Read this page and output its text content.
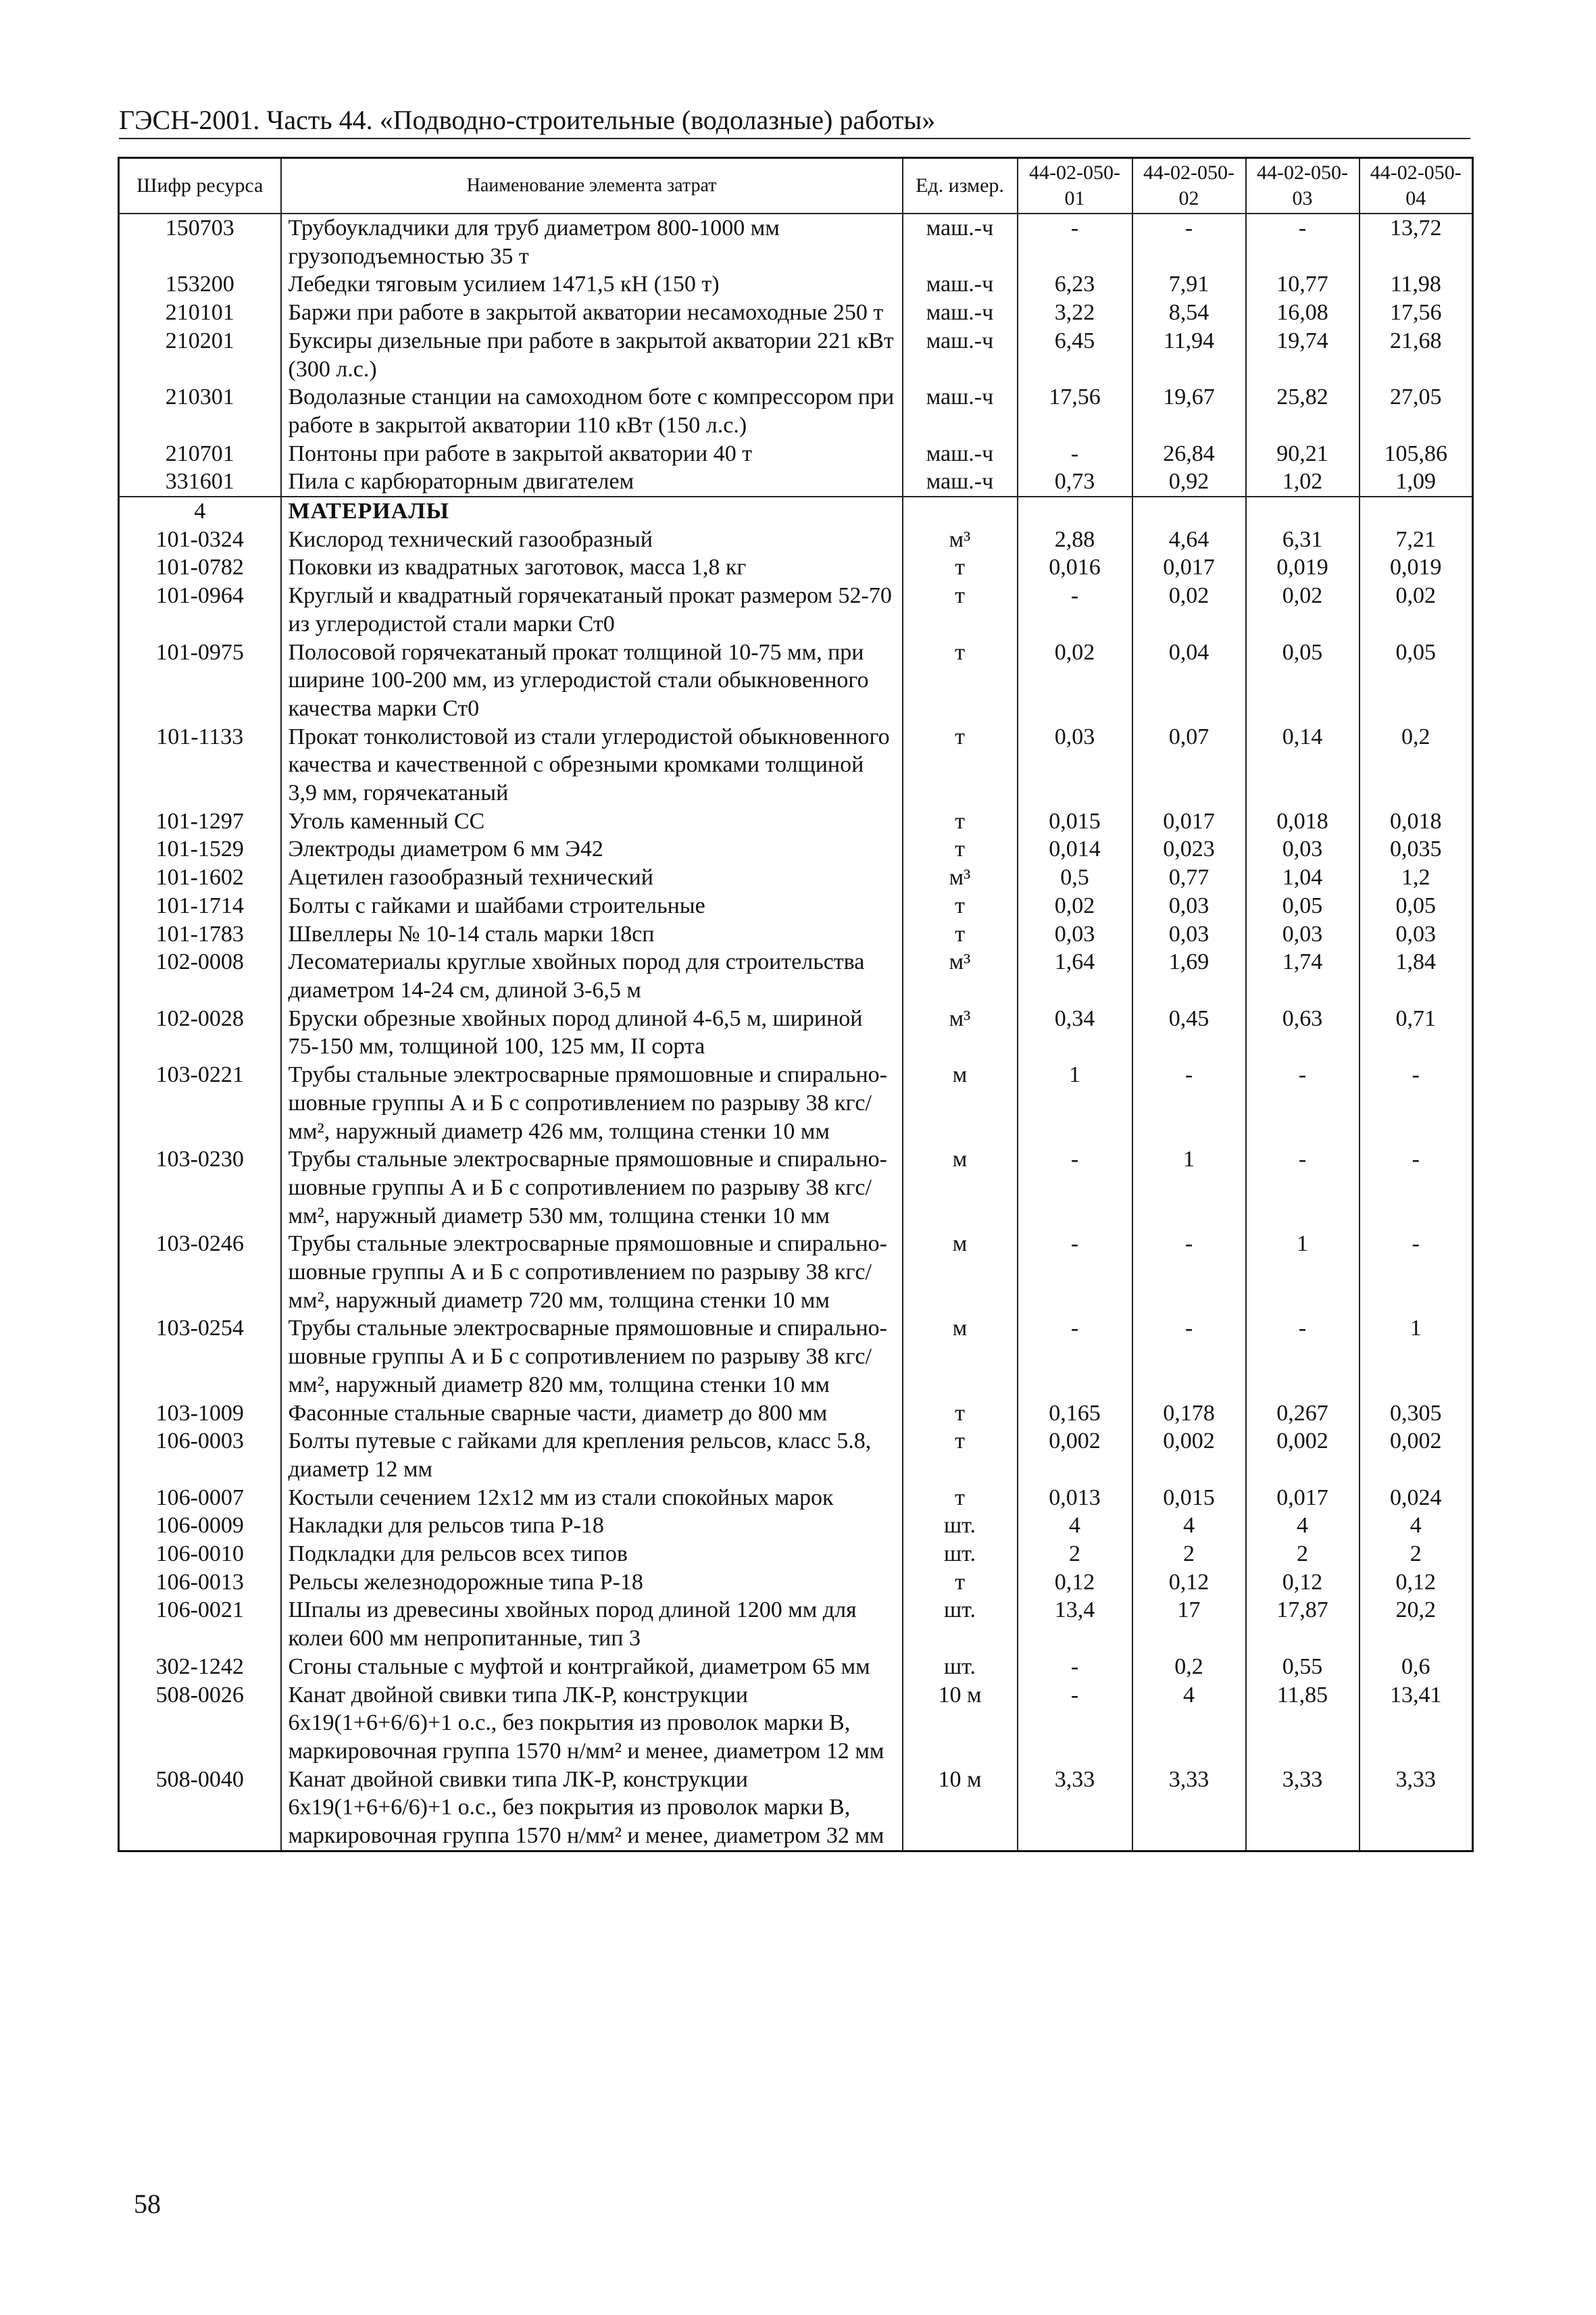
ГЭСН-2001. Часть 44. «Подводно-строительные (водолазные) работы»
Шифр ресурса	Наименование элемента затрат	Ед. измер.	44-02-050-01	44-02-050-02	44-02-050-03	44-02-050-04
150703	Трубоукладчики для труб диаметром 800-1000 мм грузоподъемностью 35 т	маш.-ч	-	-	-	13,72
153200	Лебедки тяговым усилием 1471,5 кН (150 т)	маш.-ч	6,23	7,91	10,77	11,98
210101	Баржи при работе в закрытой акватории несамоходные 250 т	маш.-ч	3,22	8,54	16,08	17,56
210201	Буксиры дизельные при работе в закрытой акватории 221 кВт (300 л.с.)	маш.-ч	6,45	11,94	19,74	21,68
210301	Водолазные станции на самоходном боте с компрессором при работе в закрытой акватории 110 кВт (150 л.с.)	маш.-ч	17,56	19,67	25,82	27,05
210701	Понтоны при работе в закрытой акватории 40 т	маш.-ч	-	26,84	90,21	105,86
331601	Пила с карбюраторным двигателем	маш.-ч	0,73	0,92	1,02	1,09
4	МАТЕРИАЛЫ					
101-0324	Кислород технический газообразный	м³	2,88	4,64	6,31	7,21
101-0782	Поковки из квадратных заготовок, масса 1,8 кг	т	0,016	0,017	0,019	0,019
101-0964	Круглый и квадратный горячекатаный прокат размером 52-70 из углеродистой стали марки Ст0	т	-	0,02	0,02	0,02
101-0975	Полосовой горячекатаный прокат толщиной 10-75 мм, при ширине 100-200 мм, из углеродистой стали обыкновенного качества марки Ст0	т	0,02	0,04	0,05	0,05
101-1133	Прокат тонколистовой из стали углеродистой обыкновенного качества и качественной с обрезными кромками толщиной 3,9 мм, горячекатаный	т	0,03	0,07	0,14	0,2
101-1297	Уголь каменный СС	т	0,015	0,017	0,018	0,018
101-1529	Электроды диаметром 6 мм Э42	т	0,014	0,023	0,03	0,035
101-1602	Ацетилен газообразный технический	м³	0,5	0,77	1,04	1,2
101-1714	Болты с гайками и шайбами строительные	т	0,02	0,03	0,05	0,05
101-1783	Швеллеры № 10-14 сталь марки 18сп	т	0,03	0,03	0,03	0,03
102-0008	Лесоматериалы круглые хвойных пород для строительства диаметром 14-24 см, длиной 3-6,5 м	м³	1,64	1,69	1,74	1,84
102-0028	Бруски обрезные хвойных пород длиной 4-6,5 м, шириной 75-150 мм, толщиной 100, 125 мм, II сорта	м³	0,34	0,45	0,63	0,71
103-0221	Трубы стальные электросварные прямошовные и спирально-шовные группы А и Б с сопротивлением по разрыву 38 кгс/мм², наружный диаметр 426 мм, толщина стенки 10 мм	м	1	-	-	-
103-0230	Трубы стальные электросварные прямошовные и спирально-шовные группы А и Б с сопротивлением по разрыву 38 кгс/мм², наружный диаметр 530 мм, толщина стенки 10 мм	м	-	1	-	-
103-0246	Трубы стальные электросварные прямошовные и спирально-шовные группы А и Б с сопротивлением по разрыву 38 кгс/мм², наружный диаметр 720 мм, толщина стенки 10 мм	м	-	-	1	-
103-0254	Трубы стальные электросварные прямошовные и спирально-шовные группы А и Б с сопротивлением по разрыву 38 кгс/мм², наружный диаметр 820 мм, толщина стенки 10 мм	м	-	-	-	1
103-1009	Фасонные стальные сварные части, диаметр до 800 мм	т	0,165	0,178	0,267	0,305
106-0003	Болты путевые с гайками для крепления рельсов, класс 5.8, диаметр 12 мм	т	0,002	0,002	0,002	0,002
106-0007	Костыли сечением 12х12 мм из стали спокойных марок	т	0,013	0,015	0,017	0,024
106-0009	Накладки для рельсов типа Р-18	шт.	4	4	4	4
106-0010	Подкладки для рельсов всех типов	шт.	2	2	2	2
106-0013	Рельсы железнодорожные типа Р-18	т	0,12	0,12	0,12	0,12
106-0021	Шпалы из древесины хвойных пород длиной 1200 мм для колеи 600 мм непропитанные, тип 3	шт.	13,4	17	17,87	20,2
302-1242	Сгоны стальные с муфтой и контргайкой, диаметром 65 мм	шт.	-	0,2	0,55	0,6
508-0026	Канат двойной свивки типа ЛК-Р, конструкции 6х19(1+6+6/6)+1 о.с., без покрытия из проволок марки В, маркировочная группа 1570 н/мм² и менее, диаметром 12 мм	10 м	-	4	11,85	13,41
508-0040	Канат двойной свивки типа ЛК-Р, конструкции 6х19(1+6+6/6)+1 о.с., без покрытия из проволок марки В, маркировочная группа 1570 н/мм² и менее, диаметром 32 мм	10 м	3,33	3,33	3,33	3,33
58
